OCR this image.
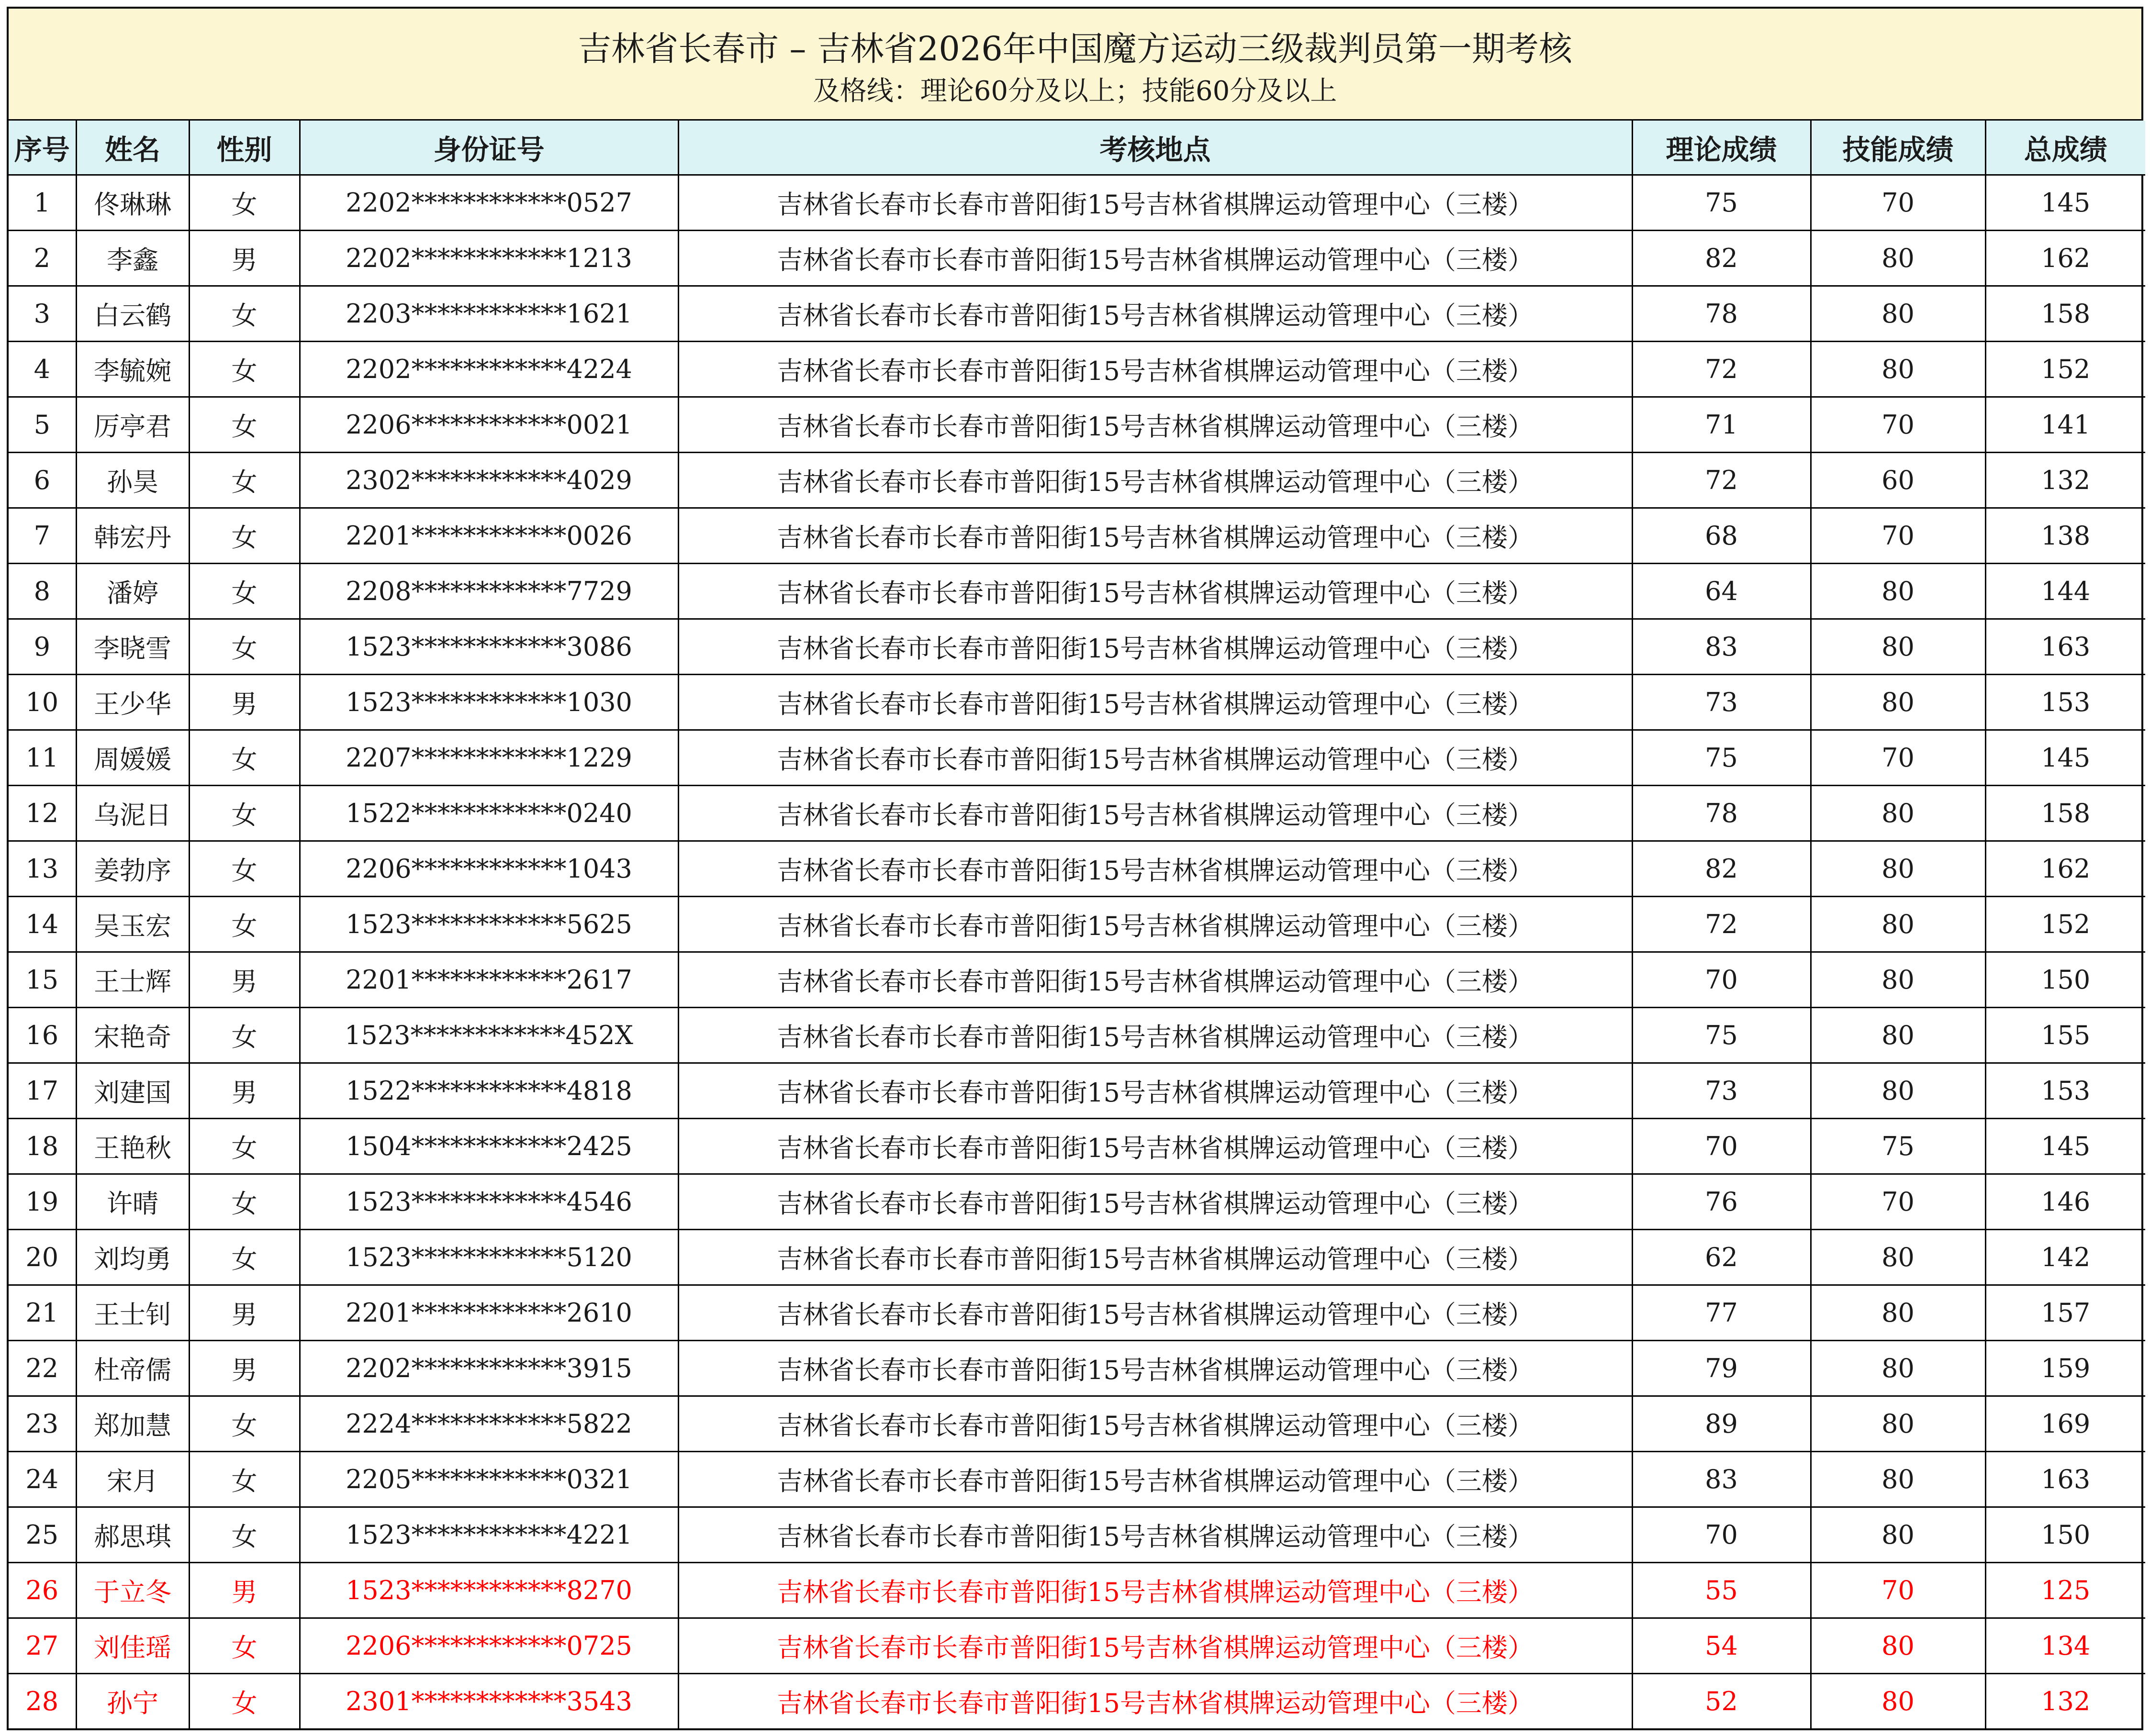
吉林省长春市 – 吉林省2026年中国魔方运动三级裁判员第一期考核
及格线：理论60分及以上；技能60分及以上
序号	姓名	性别	身份证号	考核地点	理论成绩	技能成绩	总成绩
1	佟琳琳	女	2202************0527	吉林省长春市长春市普阳街15号吉林省棋牌运动管理中心（三楼）	75	70	145
2	李鑫	男	2202************1213	吉林省长春市长春市普阳街15号吉林省棋牌运动管理中心（三楼）	82	80	162
3	白云鹤	女	2203************1621	吉林省长春市长春市普阳街15号吉林省棋牌运动管理中心（三楼）	78	80	158
4	李毓婉	女	2202************4224	吉林省长春市长春市普阳街15号吉林省棋牌运动管理中心（三楼）	72	80	152
5	厉亭君	女	2206************0021	吉林省长春市长春市普阳街15号吉林省棋牌运动管理中心（三楼）	71	70	141
6	孙昊	女	2302************4029	吉林省长春市长春市普阳街15号吉林省棋牌运动管理中心（三楼）	72	60	132
7	韩宏丹	女	2201************0026	吉林省长春市长春市普阳街15号吉林省棋牌运动管理中心（三楼）	68	70	138
8	潘婷	女	2208************7729	吉林省长春市长春市普阳街15号吉林省棋牌运动管理中心（三楼）	64	80	144
9	李晓雪	女	1523************3086	吉林省长春市长春市普阳街15号吉林省棋牌运动管理中心（三楼）	83	80	163
10	王少华	男	1523************1030	吉林省长春市长春市普阳街15号吉林省棋牌运动管理中心（三楼）	73	80	153
11	周媛媛	女	2207************1229	吉林省长春市长春市普阳街15号吉林省棋牌运动管理中心（三楼）	75	70	145
12	乌泥日	女	1522************0240	吉林省长春市长春市普阳街15号吉林省棋牌运动管理中心（三楼）	78	80	158
13	姜勃序	女	2206************1043	吉林省长春市长春市普阳街15号吉林省棋牌运动管理中心（三楼）	82	80	162
14	吴玉宏	女	1523************5625	吉林省长春市长春市普阳街15号吉林省棋牌运动管理中心（三楼）	72	80	152
15	王士辉	男	2201************2617	吉林省长春市长春市普阳街15号吉林省棋牌运动管理中心（三楼）	70	80	150
16	宋艳奇	女	1523************452X	吉林省长春市长春市普阳街15号吉林省棋牌运动管理中心（三楼）	75	80	155
17	刘建国	男	1522************4818	吉林省长春市长春市普阳街15号吉林省棋牌运动管理中心（三楼）	73	80	153
18	王艳秋	女	1504************2425	吉林省长春市长春市普阳街15号吉林省棋牌运动管理中心（三楼）	70	75	145
19	许晴	女	1523************4546	吉林省长春市长春市普阳街15号吉林省棋牌运动管理中心（三楼）	76	70	146
20	刘均勇	女	1523************5120	吉林省长春市长春市普阳街15号吉林省棋牌运动管理中心（三楼）	62	80	142
21	王士钊	男	2201************2610	吉林省长春市长春市普阳街15号吉林省棋牌运动管理中心（三楼）	77	80	157
22	杜帝儒	男	2202************3915	吉林省长春市长春市普阳街15号吉林省棋牌运动管理中心（三楼）	79	80	159
23	郑加慧	女	2224************5822	吉林省长春市长春市普阳街15号吉林省棋牌运动管理中心（三楼）	89	80	169
24	宋月	女	2205************0321	吉林省长春市长春市普阳街15号吉林省棋牌运动管理中心（三楼）	83	80	163
25	郝思琪	女	1523************4221	吉林省长春市长春市普阳街15号吉林省棋牌运动管理中心（三楼）	70	80	150
26	于立冬	男	1523************8270	吉林省长春市长春市普阳街15号吉林省棋牌运动管理中心（三楼）	55	70	125
27	刘佳瑶	女	2206************0725	吉林省长春市长春市普阳街15号吉林省棋牌运动管理中心（三楼）	54	80	134
28	孙宁	女	2301************3543	吉林省长春市长春市普阳街15号吉林省棋牌运动管理中心（三楼）	52	80	132
